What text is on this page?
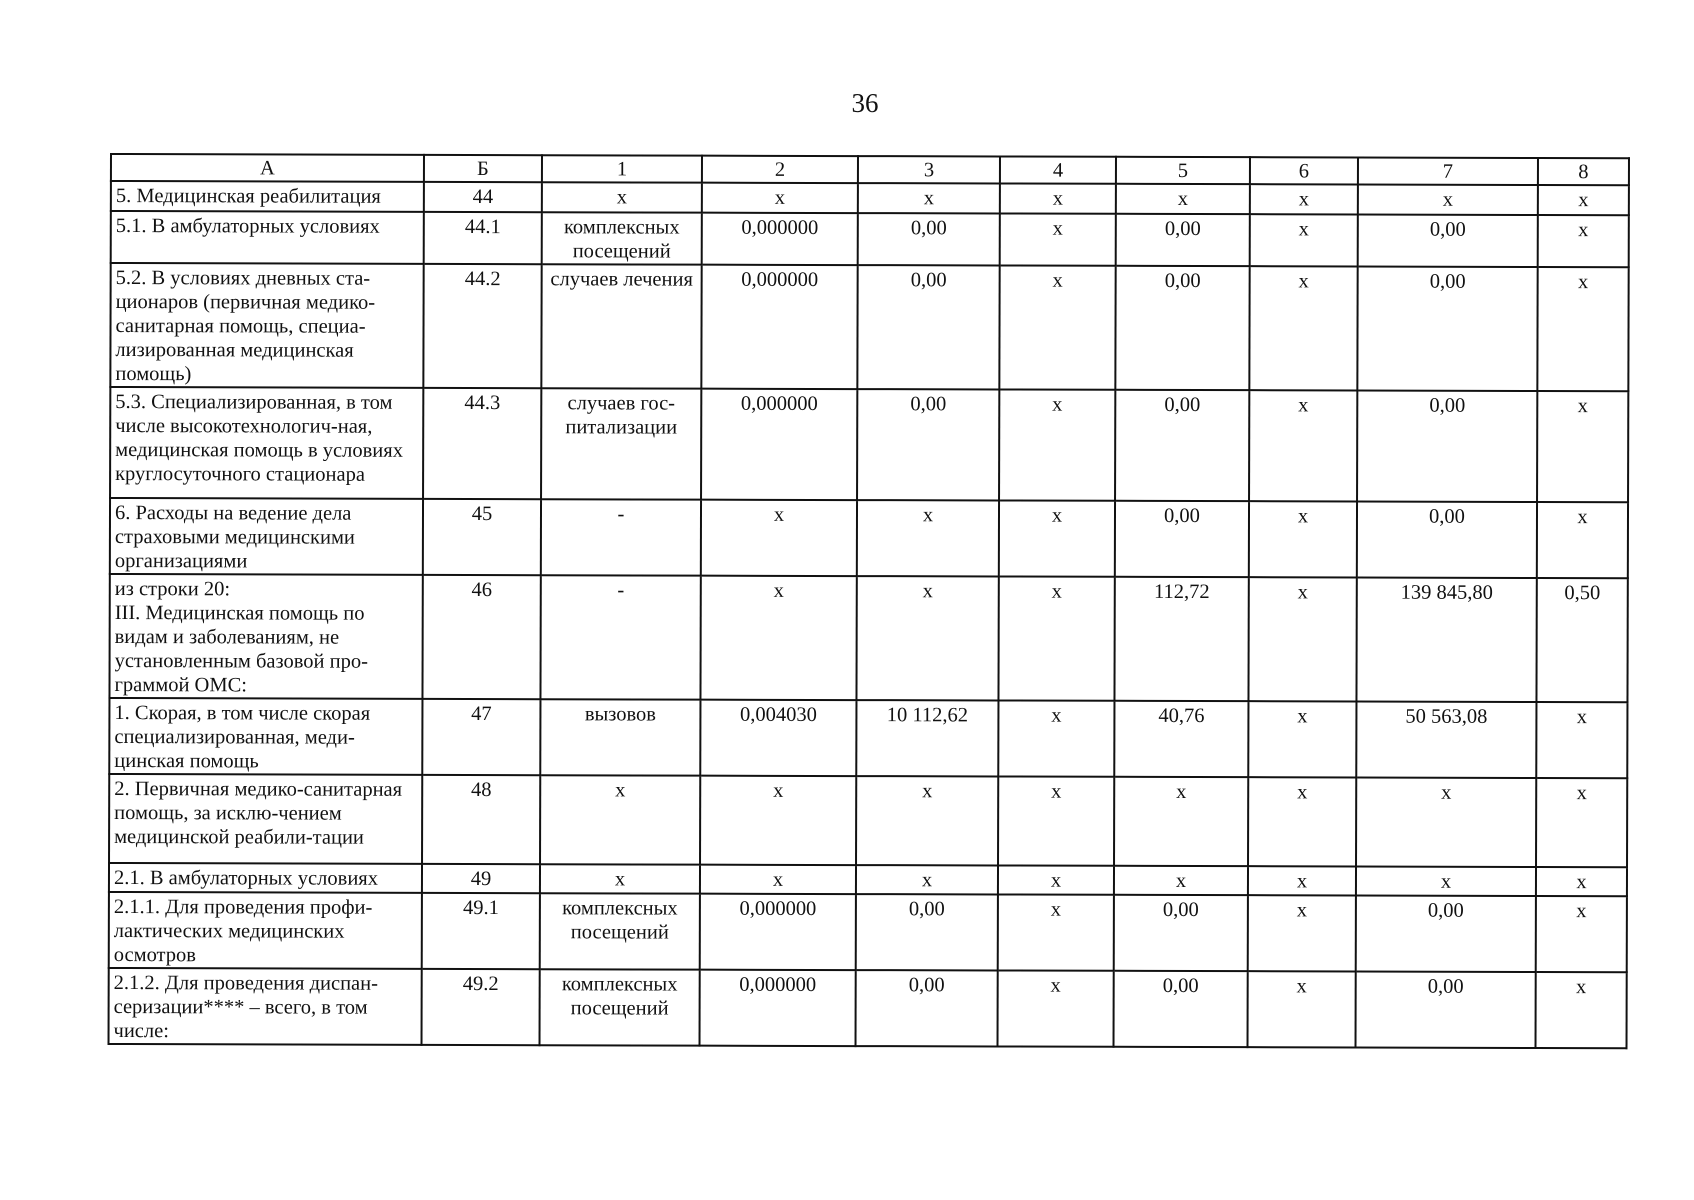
36
А	Б	1	2	3	4	5	6	7	8
5. Медицинская реабилитация	44	х	х	х	х	х	х	х	х
5.1. В амбулаторных условиях	44.1	комплексных посещений	0,000000	0,00	х	0,00	х	0,00	х
5.2. В условиях дневных ста-ционаров (первичная медико-санитарная помощь, специа-лизированная медицинская помощь)	44.2	случаев лечения	0,000000	0,00	х	0,00	х	0,00	х
5.3. Специализированная, в том числе высокотехнологич-ная, медицинская помощь в условиях круглосуточного стационара	44.3	случаев гос-питализации	0,000000	0,00	х	0,00	х	0,00	х
6. Расходы на ведение дела страховыми медицинскими организациями	45	-	х	х	х	0,00	х	0,00	х
из строки 20:
III. Медицинская помощь по видам и заболеваниям, не установленным базовой про-граммой ОМС:	46	-	х	х	х	112,72	х	139 845,80	0,50
1. Скорая, в том числе скорая специализированная, меди-цинская помощь	47	вызовов	0,004030	10 112,62	х	40,76	х	50 563,08	х
2. Первичная медико-санитарная помощь, за исклю-чением медицинской реабили-тации	48	х	х	х	х	х	х	х	х
2.1. В амбулаторных условиях	49	х	х	х	х	х	х	х	х
2.1.1. Для проведения профи-лактических медицинских осмотров	49.1	комплексных посещений	0,000000	0,00	х	0,00	х	0,00	х
2.1.2. Для проведения диспан-серизации**** – всего, в том числе:	49.2	комплексных посещений	0,000000	0,00	х	0,00	х	0,00	х
